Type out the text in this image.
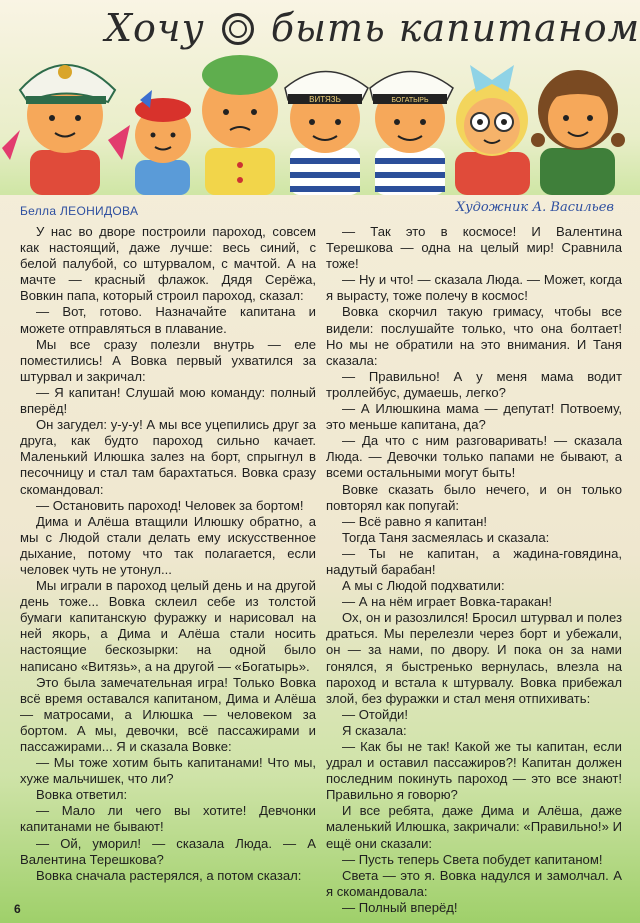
Хочу быть капитаном
ВИТЯЗЬ	БОГАТЫРЬ
Белла ЛЕОНИДОВА	Художник А. Васильев

У нас во дворе построили пароход, совсем как настоящий, даже лучше: весь синий, с белой палубой, со штурвалом, с мачтой. А на мачте — красный флажок. Дядя Серёжа, Вовкин папа, который строил пароход, сказал:

— Вот, готово. Назначайте капитана и можете отправляться в плавание.

Мы все сразу полезли внутрь — еле поместились! А Вовка первый ухватился за штурвал и закричал:

— Я капитан! Слушай мою команду: полный вперёд!

Он загудел: у-у-у! А мы все уцепились друг за друга, как будто пароход сильно качает. Маленький Илюшка залез на борт, спрыгнул в песочницу и стал там барахтаться. Вовка сразу скомандовал:

— Остановить пароход! Человек за бортом!

Дима и Алёша втащили Илюшку обратно, а мы с Людой стали делать ему искусственное дыхание, потому что так полагается, если человек чуть не утонул...

Мы играли в пароход целый день и на другой день тоже... Вовка склеил себе из толстой бумаги капитанскую фуражку и нарисовал на ней якорь, а Дима и Алёша стали носить настоящие бескозырки: на одной было написано «Витязь», а на другой — «Богатырь».

Это была замечательная игра! Только Вовка всё время оставался капитаном, Дима и Алёша — матросами, а Илюшка — человеком за бортом. А мы, девочки, всё пассажирами и пассажирами... Я и сказала Вовке:

— Мы тоже хотим быть капитанами! Что мы, хуже мальчишек, что ли?

Вовка ответил:

— Мало ли чего вы хотите! Девчонки капитанами не бывают!

— Ой, уморил! — сказала Люда. — А Валентина Терешкова?

Вовка сначала растерялся, а потом сказал:

— Так это в космосе! И Валентина Терешкова — одна на целый мир! Сравнила тоже!

— Ну и что! — сказала Люда. — Может, когда я вырасту, тоже полечу в космос!

Вовка скорчил такую гримасу, чтобы все видели: послушайте только, что она болтает! Но мы не обратили на это внимания. И Таня сказала:

— Правильно! А у меня мама водит троллейбус, думаешь, легко?

— А Илюшкина мама — депутат! Потвоему, это меньше капитана, да?

— Да что с ним разговаривать! — сказала Люда. — Девочки только папами не бывают, а всеми остальными могут быть!

Вовке сказать было нечего, и он только повторял как попугай:

— Всё равно я капитан!

Тогда Таня засмеялась и сказала:

— Ты не капитан, а жадина-говядина, надутый барабан!

А мы с Людой подхватили:

— А на нём играет Вовка-таракан!

Ох, он и разозлился! Бросил штурвал и полез драться. Мы перелезли через борт и убежали, он — за нами, по двору. И пока он за нами гонялся, я быстренько вернулась, влезла на пароход и встала к штурвалу. Вовка прибежал злой, без фуражки и стал меня отпихивать:

— Отойди!

Я сказала:

— Как бы не так! Какой же ты капитан, если удрал и оставил пассажиров?! Капитан должен последним покинуть пароход — это все знают! Правильно я говорю?

И все ребята, даже Дима и Алёша, даже маленький Илюшка, закричали: «Правильно!» И ещё они сказали:

— Пусть теперь Света побудет капитаном!

Света — это я. Вовка надулся и замолчал. А я скомандовала:

— Полный вперёд!

6
